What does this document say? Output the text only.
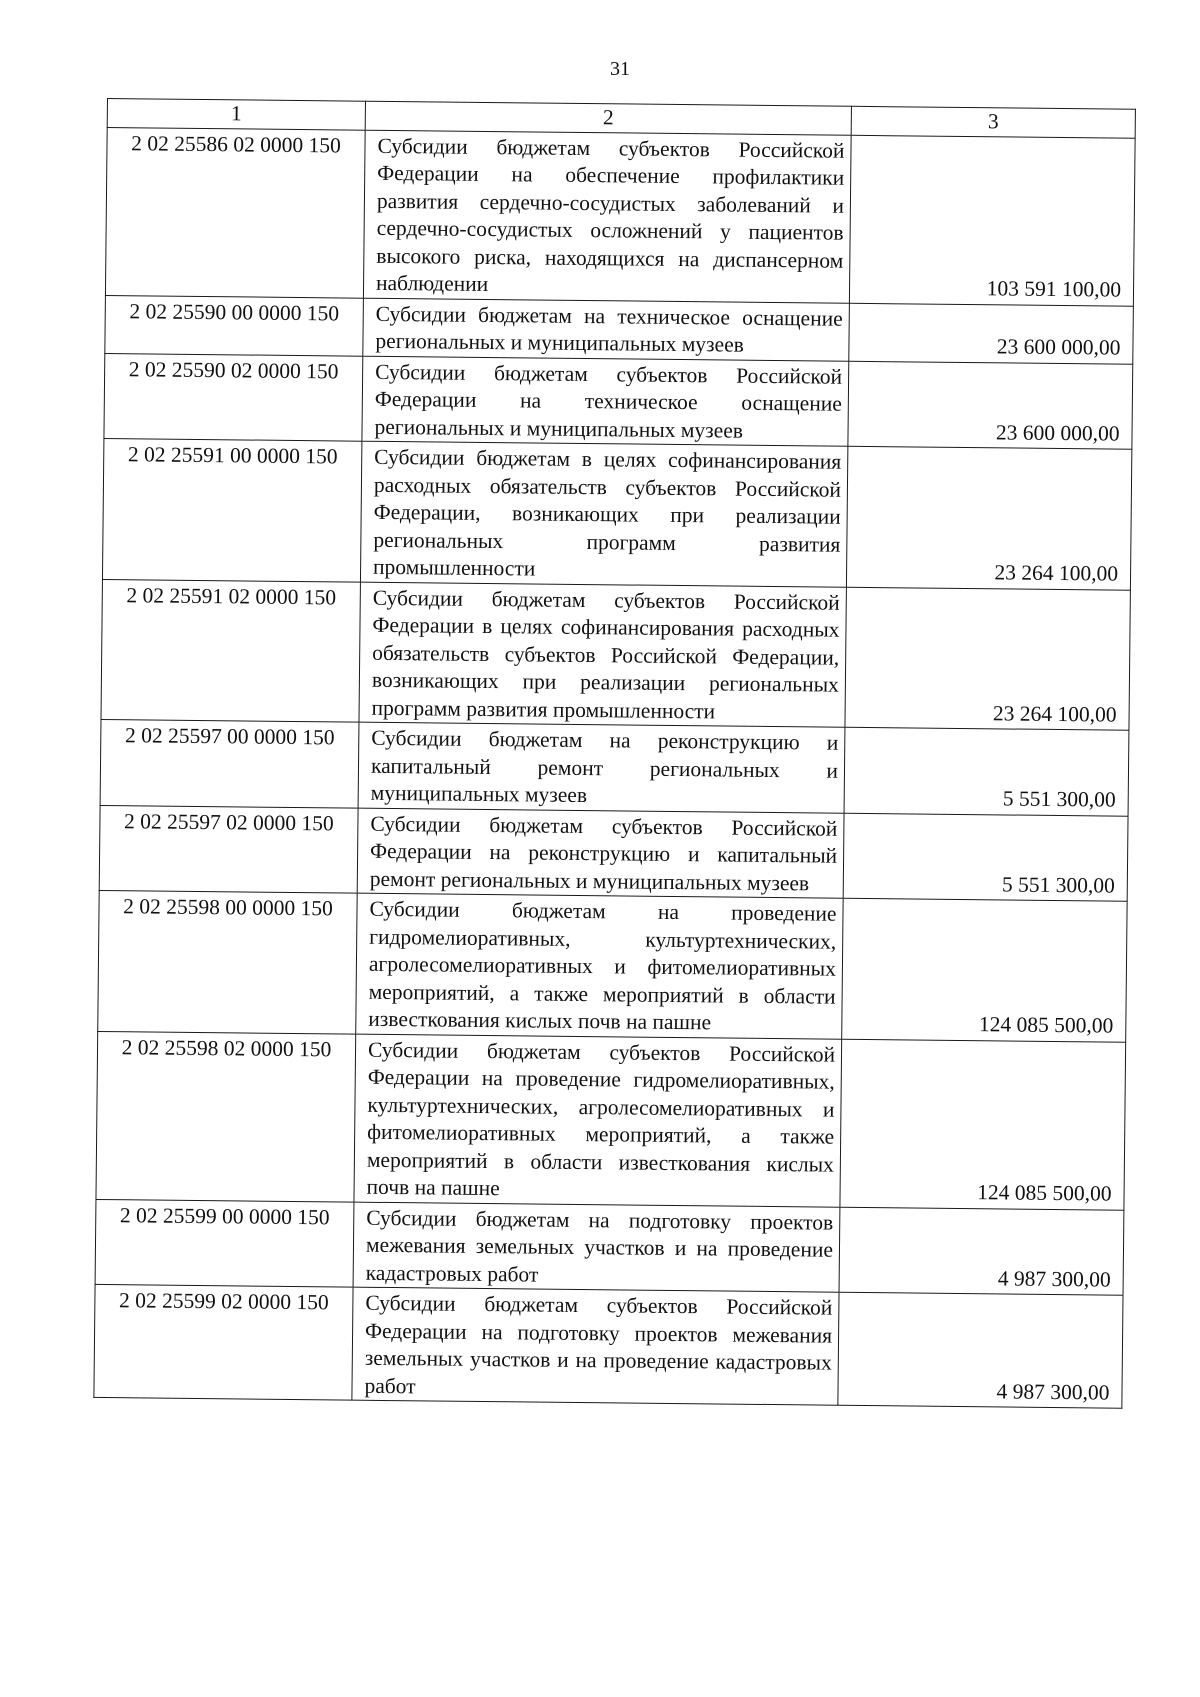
31
1	2	3
2 02 25586 02 0000 150	Субсидии бюджетам субъектов Российской Федерации на обеспечение профилактики развития сердечно-сосудистых заболеваний и сердечно-сосудистых осложнений у пациентов высокого риска, находящихся на диспансерном наблюдении	103 591 100,00
2 02 25590 00 0000 150	Субсидии бюджетам на техническое оснащение региональных и муниципальных музеев	23 600 000,00
2 02 25590 02 0000 150	Субсидии бюджетам субъектов Российской Федерации на техническое оснащение региональных и муниципальных музеев	23 600 000,00
2 02 25591 00 0000 150	Субсидии бюджетам в целях софинансирования расходных обязательств субъектов Российской Федерации, возникающих при реализации региональных программ развития промышленности	23 264 100,00
2 02 25591 02 0000 150	Субсидии бюджетам субъектов Российской Федерации в целях софинансирования расходных обязательств субъектов Российской Федерации, возникающих при реализации региональных программ развития промышленности	23 264 100,00
2 02 25597 00 0000 150	Субсидии бюджетам на реконструкцию и капитальный ремонт региональных и муниципальных музеев	5 551 300,00
2 02 25597 02 0000 150	Субсидии бюджетам субъектов Российской Федерации на реконструкцию и капитальный ремонт региональных и муниципальных музеев	5 551 300,00
2 02 25598 00 0000 150	Субсидии бюджетам на проведение гидромелиоративных, культуртехнических, агролесомелиоративных и фитомелиоративных мероприятий, а также мероприятий в области известкования кислых почв на пашне	124 085 500,00
2 02 25598 02 0000 150	Субсидии бюджетам субъектов Российской Федерации на проведение гидромелиоративных, культуртехнических, агролесомелиоративных и фитомелиоративных мероприятий, а также мероприятий в области известкования кислых почв на пашне	124 085 500,00
2 02 25599 00 0000 150	Субсидии бюджетам на подготовку проектов межевания земельных участков и на проведение кадастровых работ	4 987 300,00
2 02 25599 02 0000 150	Субсидии бюджетам субъектов Российской Федерации на подготовку проектов межевания земельных участков и на проведение кадастровых работ	4 987 300,00
